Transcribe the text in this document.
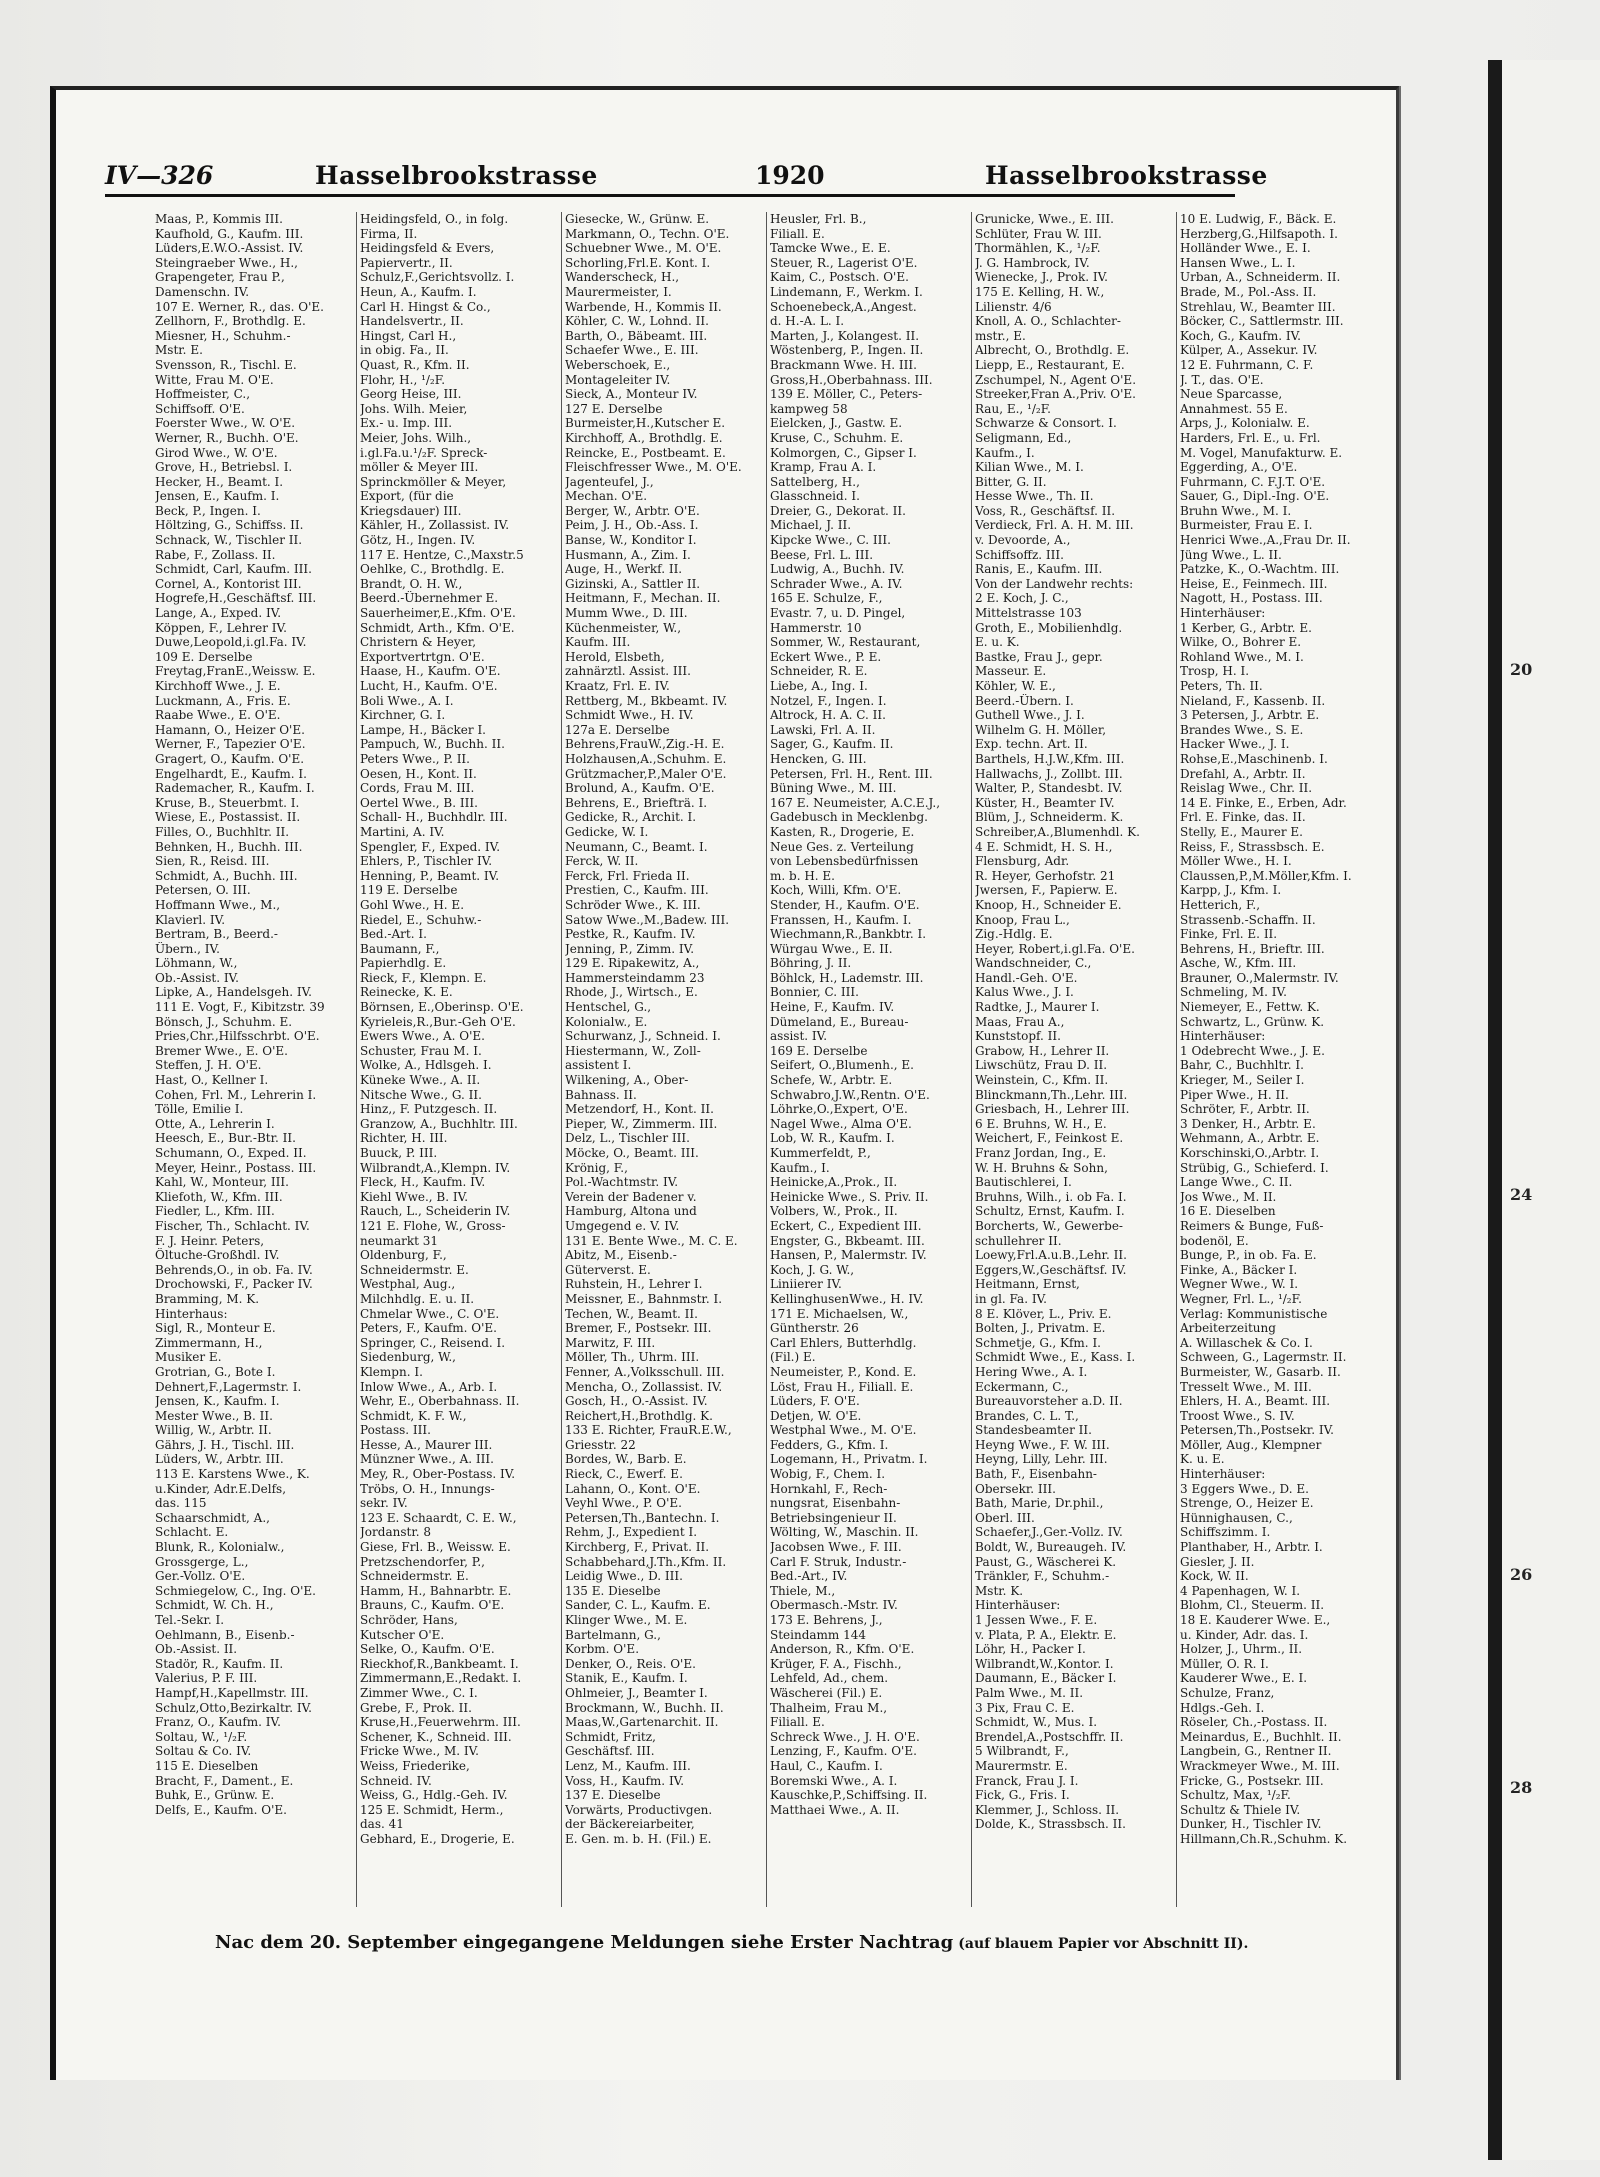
20
24
26
28
IV—326	Hasselbrookstrasse	1920	Hasselbrookstrasse
Maas, P., Kommis III.
Kaufhold, G., Kaufm. III.
Lüders,E.W.O.-Assist. IV.
Steingraeber Wwe., H.,
Grapengeter, Frau P.,
Damenschn. IV.
107 E. Werner, R., das. O'E.
Zellhorn, F., Brothdlg. E.
Miesner, H., Schuhm.-
Mstr. E.
Svensson, R., Tischl. E.
Witte, Frau M. O'E.
Hoffmeister, C.,
Schiffsoff. O'E.
Foerster Wwe., W. O'E.
Werner, R., Buchh. O'E.
Girod Wwe., W. O'E.
Grove, H., Betriebsl. I.
Hecker, H., Beamt. I.
Jensen, E., Kaufm. I.
Beck, P., Ingen. I.
Höltzing, G., Schiffss. II.
Schnack, W., Tischler II.
Rabe, F., Zollass. II.
Schmidt, Carl, Kaufm. III.
Cornel, A., Kontorist III.
Hogrefe,H.,Geschäftsf. III.
Lange, A., Exped. IV.
Köppen, F., Lehrer IV.
Duwe,Leopold,i.gl.Fa. IV.
109 E. Derselbe
Freytag,FranE.,Weissw. E.
Kirchhoff Wwe., J. E.
Luckmann, A., Fris. E.
Raabe Wwe., E. O'E.
Hamann, O., Heizer O'E.
Werner, F., Tapezier O'E.
Gragert, O., Kaufm. O'E.
Engelhardt, E., Kaufm. I.
Rademacher, R., Kaufm. I.
Kruse, B., Steuerbmt. I.
Wiese, E., Postassist. II.
Filles, O., Buchhltr. II.
Behnken, H., Buchh. III.
Sien, R., Reisd. III.
Schmidt, A., Buchh. III.
Petersen, O. III.
Hoffmann Wwe., M.,
Klavierl. IV.
Bertram, B., Beerd.-
Übern., IV.
Löhmann, W.,
Ob.-Assist. IV.
Lipke, A., Handelsgeh. IV.
111 E. Vogt, F., Kibitzstr. 39
Bönsch, J., Schuhm. E.
Pries,Chr.,Hilfsschrbt. O'E.
Bremer Wwe., E. O'E.
Steffen, J. H. O'E.
Hast, O., Kellner I.
Cohen, Frl. M., Lehrerin I.
Tölle, Emilie I.
Otte, A., Lehrerin I.
Heesch, E., Bur.-Btr. II.
Schumann, O., Exped. II.
Meyer, Heinr., Postass. III.
Kahl, W., Monteur, III.
Kliefoth, W., Kfm. III.
Fiedler, L., Kfm. III.
Fischer, Th., Schlacht. IV.
F. J. Heinr. Peters,
Öltuche-Großhdl. IV.
Behrends,O., in ob. Fa. IV.
Drochowski, F., Packer IV.
Bramming, M. K.
Hinterhaus:
Sigl, R., Monteur E.
Zimmermann, H.,
Musiker E.
Grotrian, G., Bote I.
Dehnert,F.,Lagermstr. I.
Jensen, K., Kaufm. I.
Mester Wwe., B. II.
Willig, W., Arbtr. II.
Gährs, J. H., Tischl. III.
Lüders, W., Arbtr. III.
113 E. Karstens Wwe., K.
u.Kinder, Adr.E.Delfs,
das. 115
Schaarschmidt, A.,
Schlacht. E.
Blunk, R., Kolonialw.,
Grossgerge, L.,
Ger.-Vollz. O'E.
Schmiegelow, C., Ing. O'E.
Schmidt, W. Ch. H.,
Tel.-Sekr. I.
Oehlmann, B., Eisenb.-
Ob.-Assist. II.
Stadör, R., Kaufm. II.
Valerius, P. F. III.
Hampf,H.,Kapellmstr. III.
Schulz,Otto,Bezirkaltr. IV.
Franz, O., Kaufm. IV.
Soltau, W., ¹/₂F.
Soltau & Co. IV.
115 E. Dieselben
Bracht, F., Dament., E.
Buhk, E., Grünw. E.
Delfs, E., Kaufm. O'E.
Heidingsfeld, O., in folg.
Firma, II.
Heidingsfeld & Evers,
Papiervertr., II.
Schulz,F.,Gerichtsvollz. I.
Heun, A., Kaufm. I.
Carl H. Hingst & Co.,
Handelsvertr., II.
Hingst, Carl H.,
in obig. Fa., II.
Quast, R., Kfm. II.
Flohr, H., ¹/₂F.
Georg Heise, III.
Johs. Wilh. Meier,
Ex.- u. Imp. III.
Meier, Johs. Wilh.,
i.gl.Fa.u.¹/₂F. Spreck-
möller & Meyer III.
Sprinckmöller & Meyer,
Export, (für die
Kriegsdauer) III.
Kähler, H., Zollassist. IV.
Götz, H., Ingen. IV.
117 E. Hentze, C.,Maxstr.5
Oehlke, C., Brothdlg. E.
Brandt, O. H. W.,
Beerd.-Übernehmer E.
Sauerheimer,E.,Kfm. O'E.
Schmidt, Arth., Kfm. O'E.
Christern & Heyer,
Exportvertrtgn. O'E.
Haase, H., Kaufm. O'E.
Lucht, H., Kaufm. O'E.
Boli Wwe., A. I.
Kirchner, G. I.
Lampe, H., Bäcker I.
Pampuch, W., Buchh. II.
Peters Wwe., P. II.
Oesen, H., Kont. II.
Cords, Frau M. III.
Oertel Wwe., B. III.
Schall- H., Buchhdlr. III.
Martini, A. IV.
Spengler, F., Exped. IV.
Ehlers, P., Tischler IV.
Henning, P., Beamt. IV.
119 E. Derselbe
Gohl Wwe., H. E.
Riedel, E., Schuhw.-
Bed.-Art. I.
Baumann, F.,
Papierhdlg. E.
Rieck, F., Klempn. E.
Reinecke, K. E.
Börnsen, E.,Oberinsp. O'E.
Kyrieleis,R.,Bur.-Geh O'E.
Ewers Wwe., A. O'E.
Schuster, Frau M. I.
Wolke, A., Hdlsgeh. I.
Küneke Wwe., A. II.
Nitsche Wwe., G. II.
Hinz,, F. Putzgesch. II.
Granzow, A., Buchhltr. III.
Richter, H. III.
Buuck, P. III.
Wilbrandt,A.,Klempn. IV.
Fleck, H., Kaufm. IV.
Kiehl Wwe., B. IV.
Rauch, L., Scheiderin IV.
121 E. Flohe, W., Gross-
neumarkt 31
Oldenburg, F.,
Schneidermstr. E.
Westphal, Aug.,
Milchhdlg. E. u. II.
Chmelar Wwe., C. O'E.
Peters, F., Kaufm. O'E.
Springer, C., Reisend. I.
Siedenburg, W.,
Klempn. I.
Inlow Wwe., A., Arb. I.
Wehr, E., Oberbahnass. II.
Schmidt, K. F. W.,
Postass. III.
Hesse, A., Maurer III.
Münzner Wwe., A. III.
Mey, R., Ober-Postass. IV.
Tröbs, O. H., Innungs-
sekr. IV.
123 E. Schaardt, C. E. W.,
Jordanstr. 8
Giese, Frl. B., Weissw. E.
Pretzschendorfer, P.,
Schneidermstr. E.
Hamm, H., Bahnarbtr. E.
Brauns, C., Kaufm. O'E.
Schröder, Hans,
Kutscher O'E.
Selke, O., Kaufm. O'E.
Rieckhof,R.,Bankbeamt. I.
Zimmermann,E.,Redakt. I.
Zimmer Wwe., C. I.
Grebe, F., Prok. II.
Kruse,H.,Feuerwehrm. III.
Schener, K., Schneid. III.
Fricke Wwe., M. IV.
Weiss, Friederike,
Schneid. IV.
Weiss, G., Hdlg.-Geh. IV.
125 E. Schmidt, Herm.,
das. 41
Gebhard, E., Drogerie, E.
Giesecke, W., Grünw. E.
Markmann, O., Techn. O'E.
Schuebner Wwe., M. O'E.
Schorling,Frl.E. Kont. I.
Wanderscheck, H.,
Maurermeister, I.
Warbende, H., Kommis II.
Köhler, C. W., Lohnd. II.
Barth, O., Bäbeamt. III.
Schaefer Wwe., E. III.
Weberschoek, E.,
Montageleiter IV.
Sieck, A., Monteur IV.
127 E. Derselbe
Burmeister,H.,Kutscher E.
Kirchhoff, A., Brothdlg. E.
Reincke, E., Postbeamt. E.
Fleischfresser Wwe., M. O'E.
Jagenteufel, J.,
Mechan. O'E.
Berger, W., Arbtr. O'E.
Peim, J. H., Ob.-Ass. I.
Banse, W., Konditor I.
Husmann, A., Zim. I.
Auge, H., Werkf. II.
Gizinski, A., Sattler II.
Heitmann, F., Mechan. II.
Mumm Wwe., D. III.
Küchenmeister, W.,
Kaufm. III.
Herold, Elsbeth,
zahnärztl. Assist. III.
Kraatz, Frl. E. IV.
Rettberg, M., Bkbeamt. IV.
Schmidt Wwe., H. IV.
127a E. Derselbe
Behrens,FrauW.,Zig.-H. E.
Holzhausen,A.,Schuhm. E.
Grützmacher,P.,Maler O'E.
Brolund, A., Kaufm. O'E.
Behrens, E., Briefträ. I.
Gedicke, R., Archit. I.
Gedicke, W. I.
Neumann, C., Beamt. I.
Ferck, W. II.
Ferck, Frl. Frieda II.
Prestien, C., Kaufm. III.
Schröder Wwe., K. III.
Satow Wwe.,M.,Badew. III.
Pestke, R., Kaufm. IV.
Jenning, P., Zimm. IV.
129 E. Ripakewitz, A.,
Hammersteindamm 23
Rhode, J., Wirtsch., E.
Hentschel, G.,
Kolonialw., E.
Schurwanz, J., Schneid. I.
Hiestermann, W., Zoll-
assistent I.
Wilkening, A., Ober-
Bahnass. II.
Metzendorf, H., Kont. II.
Pieper, W., Zimmerm. III.
Delz, L., Tischler III.
Möcke, O., Beamt. III.
Krönig, F.,
Pol.-Wachtmstr. IV.
Verein der Badener v.
Hamburg, Altona und
Umgegend e. V. IV.
131 E. Bente Wwe., M. C. E.
Abitz, M., Eisenb.-
Güterverst. E.
Ruhstein, H., Lehrer I.
Meissner, E., Bahnmstr. I.
Techen, W., Beamt. II.
Bremer, F., Postsekr. III.
Marwitz, F. III.
Möller, Th., Uhrm. III.
Fenner, A.,Volksschull. III.
Mencha, O., Zollassist. IV.
Gosch, H., O.-Assist. IV.
Reichert,H.,Brothdlg. K.
133 E. Richter, FrauR.E.W.,
Griesstr. 22
Bordes, W., Barb. E.
Rieck, C., Ewerf. E.
Lahann, O., Kont. O'E.
Veyhl Wwe., P. O'E.
Petersen,Th.,Bantechn. I.
Rehm, J., Expedient I.
Kirchberg, F., Privat. II.
Schabbehard,J.Th.,Kfm. II.
Leidig Wwe., D. III.
135 E. Dieselbe
Sander, C. L., Kaufm. E.
Klinger Wwe., M. E.
Bartelmann, G.,
Korbm. O'E.
Denker, O., Reis. O'E.
Stanik, E., Kaufm. I.
Ohlmeier, J., Beamter I.
Brockmann, W., Buchh. II.
Maas,W.,Gartenarchit. II.
Schmidt, Fritz,
Geschäftsf. III.
Lenz, M., Kaufm. III.
Voss, H., Kaufm. IV.
137 E. Dieselbe
Vorwärts, Productivgen.
der Bäckereiarbeiter,
E. Gen. m. b. H. (Fil.) E.
Heusler, Frl. B.,
Filiall. E.
Tamcke Wwe., E. E.
Steuer, R., Lagerist O'E.
Kaim, C., Postsch. O'E.
Lindemann, F., Werkm. I.
Schoenebeck,A.,Angest.
d. H.-A. L. I.
Marten, J., Kolangest. II.
Wöstenberg, P., Ingen. II.
Brackmann Wwe. H. III.
Gross,H.,Oberbahnass. III.
139 E. Möller, C., Peters-
kampweg 58
Eielcken, J., Gastw. E.
Kruse, C., Schuhm. E.
Kolmorgen, C., Gipser I.
Kramp, Frau A. I.
Sattelberg, H.,
Glasschneid. I.
Dreier, G., Dekorat. II.
Michael, J. II.
Kipcke Wwe., C. III.
Beese, Frl. L. III.
Ludwig, A., Buchh. IV.
Schrader Wwe., A. IV.
165 E. Schulze, F.,
Evastr. 7, u. D. Pingel,
Hammerstr. 10
Sommer, W., Restaurant,
Eckert Wwe., P. E.
Schneider, R. E.
Liebe, A., Ing. I.
Notzel, F., Ingen. I.
Altrock, H. A. C. II.
Lawski, Frl. A. II.
Sager, G., Kaufm. II.
Hencken, G. III.
Petersen, Frl. H., Rent. III.
Büning Wwe., M. III.
167 E. Neumeister, A.C.E.J.,
Gadebusch in Mecklenbg.
Kasten, R., Drogerie, E.
Neue Ges. z. Verteilung
von Lebensbedürfnissen
m. b. H. E.
Koch, Willi, Kfm. O'E.
Stender, H., Kaufm. O'E.
Franssen, H., Kaufm. I.
Wiechmann,R.,Bankbtr. I.
Würgau Wwe., E. II.
Böhring, J. II.
Böhlck, H., Lademstr. III.
Bonnier, C. III.
Heine, F., Kaufm. IV.
Dümeland, E., Bureau-
assist. IV.
169 E. Derselbe
Seifert, O.,Blumenh., E.
Schefe, W., Arbtr. E.
Schwabro,J.W.,Rentn. O'E.
Löhrke,O.,Expert, O'E.
Nagel Wwe., Alma O'E.
Lob, W. R., Kaufm. I.
Kummerfeldt, P.,
Kaufm., I.
Heinicke,A.,Prok., II.
Heinicke Wwe., S. Priv. II.
Volbers, W., Prok., II.
Eckert, C., Expedient III.
Engster, G., Bkbeamt. III.
Hansen, P., Malermstr. IV.
Koch, J. G. W.,
Liniierer IV.
KellinghusenWwe., H. IV.
171 E. Michaelsen, W.,
Güntherstr. 26
Carl Ehlers, Butterhdlg.
(Fil.) E.
Neumeister, P., Kond. E.
Löst, Frau H., Filiall. E.
Lüders, F. O'E.
Detjen, W. O'E.
Westphal Wwe., M. O'E.
Fedders, G., Kfm. I.
Logemann, H., Privatm. I.
Wobig, F., Chem. I.
Hornkahl, F., Rech-
nungsrat, Eisenbahn-
Betriebsingenieur II.
Wölting, W., Maschin. II.
Jacobsen Wwe., F. III.
Carl F. Struk, Industr.-
Bed.-Art., IV.
Thiele, M.,
Obermasch.-Mstr. IV.
173 E. Behrens, J.,
Steindamm 144
Anderson, R., Kfm. O'E.
Krüger, F. A., Fischh.,
Lehfeld, Ad., chem.
Wäscherei (Fil.) E.
Thalheim, Frau M.,
Filiall. E.
Schreck Wwe., J. H. O'E.
Lenzing, F., Kaufm. O'E.
Haul, C., Kaufm. I.
Boremski Wwe., A. I.
Kauschke,P.,Schiffsing. II.
Matthaei Wwe., A. II.
Grunicke, Wwe., E. III.
Schlüter, Frau W. III.
Thormählen, K., ¹/₂F.
J. G. Hambrock, IV.
Wienecke, J., Prok. IV.
175 E. Kelling, H. W.,
Lilienstr. 4/6
Knoll, A. O., Schlachter-
mstr., E.
Albrecht, O., Brothdlg. E.
Liepp, E., Restaurant, E.
Zschumpel, N., Agent O'E.
Streeker,Fran A.,Priv. O'E.
Rau, E., ¹/₂F.
Schwarze & Consort. I.
Seligmann, Ed.,
Kaufm., I.
Kilian Wwe., M. I.
Bitter, G. II.
Hesse Wwe., Th. II.
Voss, R., Geschäftsf. II.
Verdieck, Frl. A. H. M. III.
v. Devoorde, A.,
Schiffsoffz. III.
Ranis, E., Kaufm. III.
Von der Landwehr rechts:
2 E. Koch, J. C.,
Mittelstrasse 103
Groth, E., Mobilienhdlg.
E. u. K.
Bastke, Frau J., gepr.
Masseur. E.
Köhler, W. E.,
Beerd.-Übern. I.
Guthell Wwe., J. I.
Wilhelm G. H. Möller,
Exp. techn. Art. II.
Barthels, H.J.W.,Kfm. III.
Hallwachs, J., Zollbt. III.
Walter, P., Standesbt. IV.
Küster, H., Beamter IV.
Blüm, J., Schneiderm. K.
Schreiber,A.,Blumenhdl. K.
4 E. Schmidt, H. S. H.,
Flensburg, Adr.
R. Heyer, Gerhofstr. 21
Jwersen, F., Papierw. E.
Knoop, H., Schneider E.
Knoop, Frau L.,
Zig.-Hdlg. E.
Heyer, Robert,i.gl.Fa. O'E.
Wandschneider, C.,
Handl.-Geh. O'E.
Kalus Wwe., J. I.
Radtke, J., Maurer I.
Maas, Frau A.,
Kunststopf. II.
Grabow, H., Lehrer II.
Liwschütz, Frau D. II.
Weinstein, C., Kfm. II.
Blinckmann,Th.,Lehr. III.
Griesbach, H., Lehrer III.
6 E. Bruhns, W. H., E.
Weichert, F., Feinkost E.
Franz Jordan, Ing., E.
W. H. Bruhns & Sohn,
Bautischlerei, I.
Bruhns, Wilh., i. ob Fa. I.
Schultz, Ernst, Kaufm. I.
Borcherts, W., Gewerbe-
schullehrer II.
Loewy,Frl.A.u.B.,Lehr. II.
Eggers,W.,Geschäftsf. IV.
Heitmann, Ernst,
in gl. Fa. IV.
8 E. Klöver, L., Priv. E.
Bolten, J., Privatm. E.
Schmetje, G., Kfm. I.
Schmidt Wwe., E., Kass. I.
Hering Wwe., A. I.
Eckermann, C.,
Bureauvorsteher a.D. II.
Brandes, C. L. T.,
Standesbeamter II.
Heyng Wwe., F. W. III.
Heyng, Lilly, Lehr. III.
Bath, F., Eisenbahn-
Obersekr. III.
Bath, Marie, Dr.phil.,
Oberl. III.
Schaefer,J.,Ger.-Vollz. IV.
Boldt, W., Bureaugeh. IV.
Paust, G., Wäscherei K.
Tränkler, F., Schuhm.-
Mstr. K.
Hinterhäuser:
1 Jessen Wwe., F. E.
v. Plata, P. A., Elektr. E.
Löhr, H., Packer I.
Wilbrandt,W.,Kontor. I.
Daumann, E., Bäcker I.
Palm Wwe., M. II.
3 Pix, Frau C. E.
Schmidt, W., Mus. I.
Brendel,A.,Postschffr. II.
5 Wilbrandt, F.,
Maurermstr. E.
Franck, Frau J. I.
Fick, G., Fris. I.
Klemmer, J., Schloss. II.
Dolde, K., Strassbsch. II.
10 E. Ludwig, F., Bäck. E.
Herzberg,G.,Hilfsapoth. I.
Holländer Wwe., E. I.
Hansen Wwe., L. I.
Urban, A., Schneiderm. II.
Brade, M., Pol.-Ass. II.
Strehlau, W., Beamter III.
Böcker, C., Sattlermstr. III.
Koch, G., Kaufm. IV.
Külper, A., Assekur. IV.
12 E. Fuhrmann, C. F.
J. T., das. O'E.
Neue Sparcasse,
Annahmest. 55 E.
Arps, J., Kolonialw. E.
Harders, Frl. E., u. Frl.
M. Vogel, Manufakturw. E.
Eggerding, A., O'E.
Fuhrmann, C. F.J.T. O'E.
Sauer, G., Dipl.-Ing. O'E.
Bruhn Wwe., M. I.
Burmeister, Frau E. I.
Henrici Wwe.,A.,Frau Dr. II.
Jüng Wwe., L. II.
Patzke, K., O.-Wachtm. III.
Heise, E., Feinmech. III.
Nagott, H., Postass. III.
Hinterhäuser:
1 Kerber, G., Arbtr. E.
Wilke, O., Bohrer E.
Rohland Wwe., M. I.
Trosp, H. I.
Peters, Th. II.
Nieland, F., Kassenb. II.
3 Petersen, J., Arbtr. E.
Brandes Wwe., S. E.
Hacker Wwe., J. I.
Rohse,E.,Maschinenb. I.
Drefahl, A., Arbtr. II.
Reislag Wwe., Chr. II.
14 E. Finke, E., Erben, Adr.
Frl. E. Finke, das. II.
Stelly, E., Maurer E.
Reiss, F., Strassbsch. E.
Möller Wwe., H. I.
Claussen,P.,M.Möller,Kfm. I.
Karpp, J., Kfm. I.
Hetterich, F.,
Strassenb.-Schaffn. II.
Finke, Frl. E. II.
Behrens, H., Brieftr. III.
Asche, W., Kfm. III.
Brauner, O.,Malermstr. IV.
Schmeling, M. IV.
Niemeyer, E., Fettw. K.
Schwartz, L., Grünw. K.
Hinterhäuser:
1 Odebrecht Wwe., J. E.
Bahr, C., Buchhltr. I.
Krieger, M., Seiler I.
Piper Wwe., H. II.
Schröter, F., Arbtr. II.
3 Denker, H., Arbtr. E.
Wehmann, A., Arbtr. E.
Korschinski,O.,Arbtr. I.
Strübig, G., Schieferd. I.
Lange Wwe., C. II.
Jos Wwe., M. II.
16 E. Dieselben
Reimers & Bunge, Fuß-
bodenöl, E.
Bunge, P., in ob. Fa. E.
Finke, A., Bäcker I.
Wegner Wwe., W. I.
Wegner, Frl. L., ¹/₂F.
Verlag: Kommunistische
Arbeiterzeitung
A. Willaschek & Co. I.
Schween, G., Lagermstr. II.
Burmeister, W., Gasarb. II.
Tresselt Wwe., M. III.
Ehlers, H. A., Beamt. III.
Troost Wwe., S. IV.
Petersen,Th.,Postsekr. IV.
Möller, Aug., Klempner
K. u. E.
Hinterhäuser:
3 Eggers Wwe., D. E.
Strenge, O., Heizer E.
Hünnighausen, C.,
Schiffszimm. I.
Planthaber, H., Arbtr. I.
Giesler, J. II.
Kock, W. II.
4 Papenhagen, W. I.
Blohm, Cl., Steuerm. II.
18 E. Kauderer Wwe. E.,
u. Kinder, Adr. das. I.
Holzer, J., Uhrm., II.
Müller, O. R. I.
Kauderer Wwe., E. I.
Schulze, Franz,
Hdlgs.-Geh. I.
Röseler, Ch.,-Postass. II.
Meinardus, E., Buchhlt. II.
Langbein, G., Rentner II.
Wrackmeyer Wwe., M. III.
Fricke, G., Postsekr. III.
Schultz, Max, ¹/₂F.
Schultz & Thiele IV.
Dunker, H., Tischler IV.
Hillmann,Ch.R.,Schuhm. K.
Nac dem 20. September eingegangene Meldungen siehe Erster Nachtrag (auf blauem Papier vor Abschnitt II).
